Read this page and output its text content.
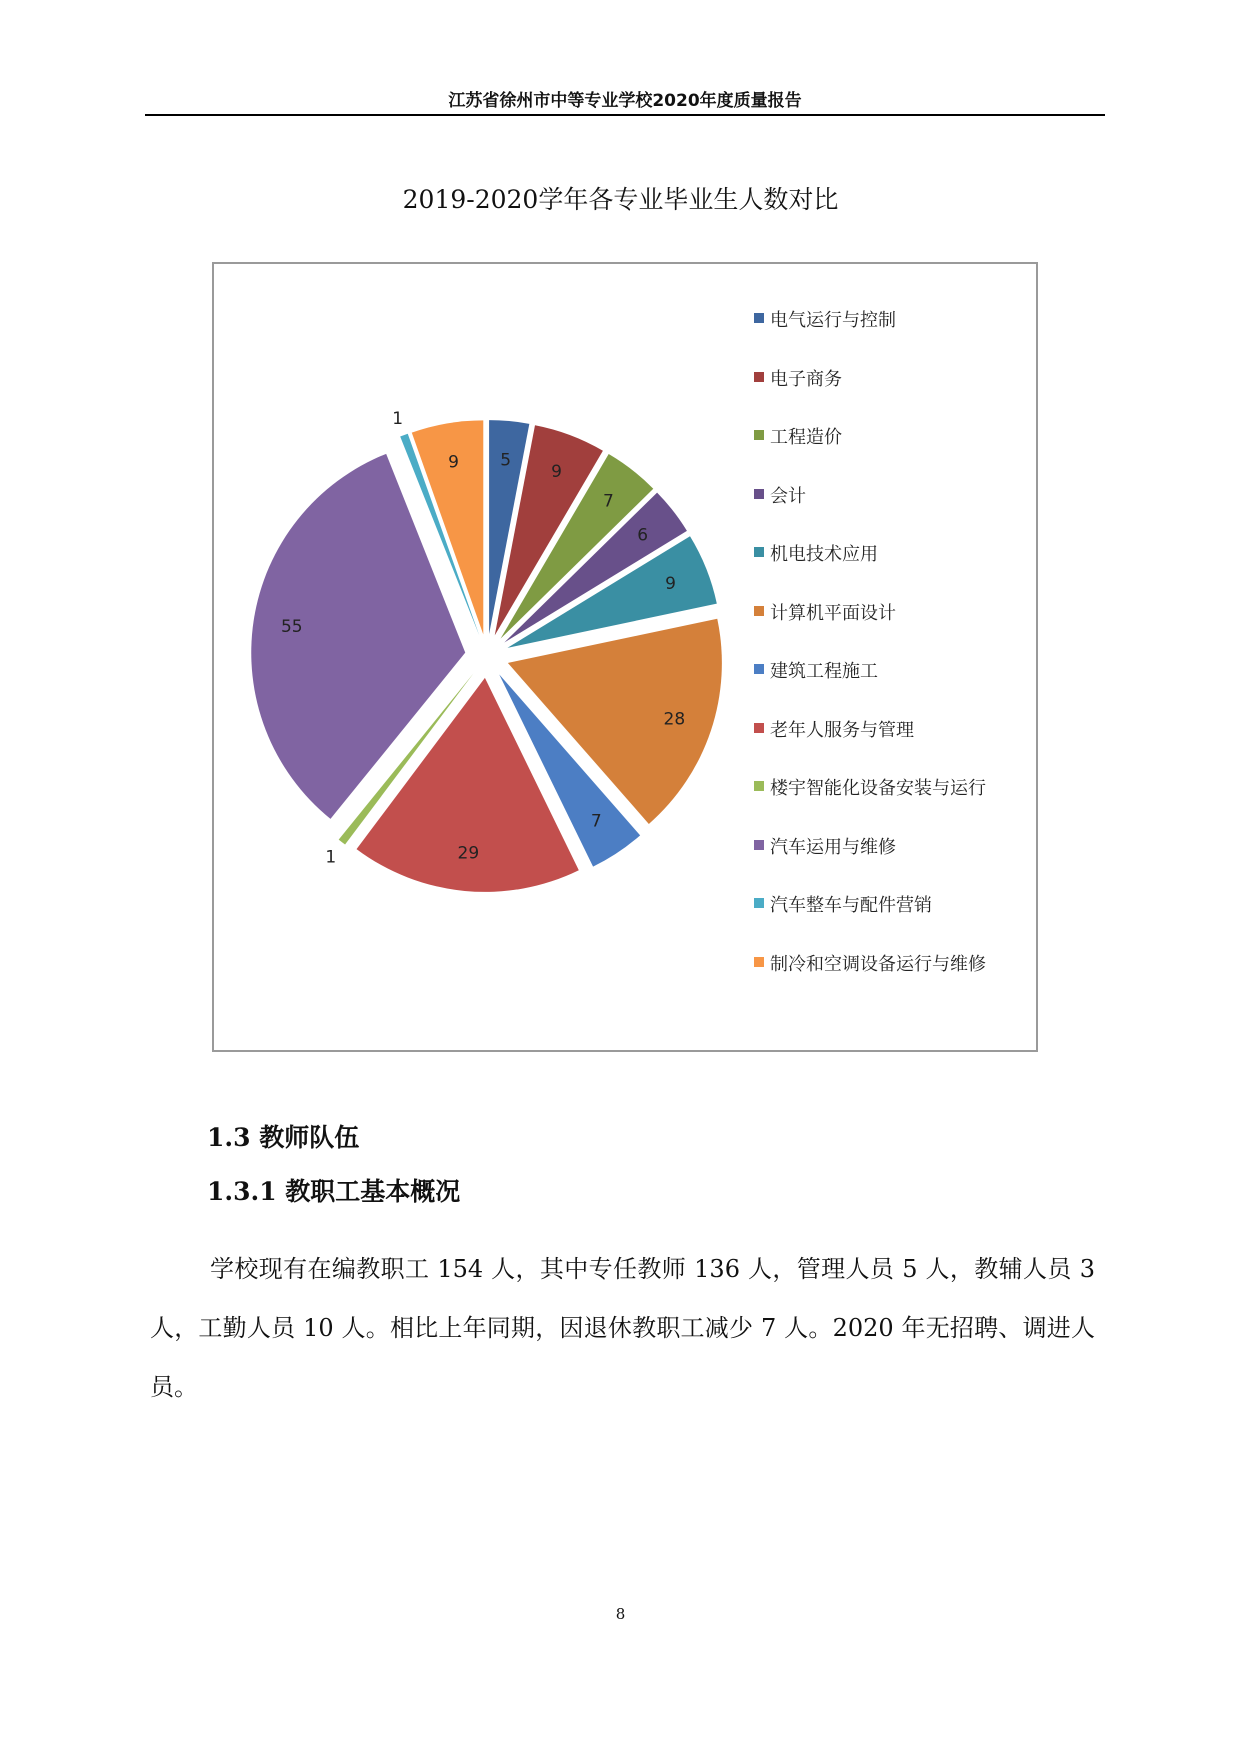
江苏省徐州市中等专业学校2020年度质量报告
2019-2020学年各专业毕业生人数对比
5
9
7
6
9
28
7
29
1
55
1
9
电气运行与控制
电子商务
工程造价
会计
机电技术应用
计算机平面设计
建筑工程施工
老年人服务与管理
楼宇智能化设备安装与运行
汽车运用与维修
汽车整车与配件营销
制冷和空调设备运行与维修
1.3 教师队伍
1.3.1 教职工基本概况
学校现有在编教职工 154 人，其中专任教师 136 人，管理人员 5 人，教辅人员 3 人，工勤人员 10 人。相比上年同期，因退休教职工减少 7 人。2020 年无招聘、调进人员。
8
